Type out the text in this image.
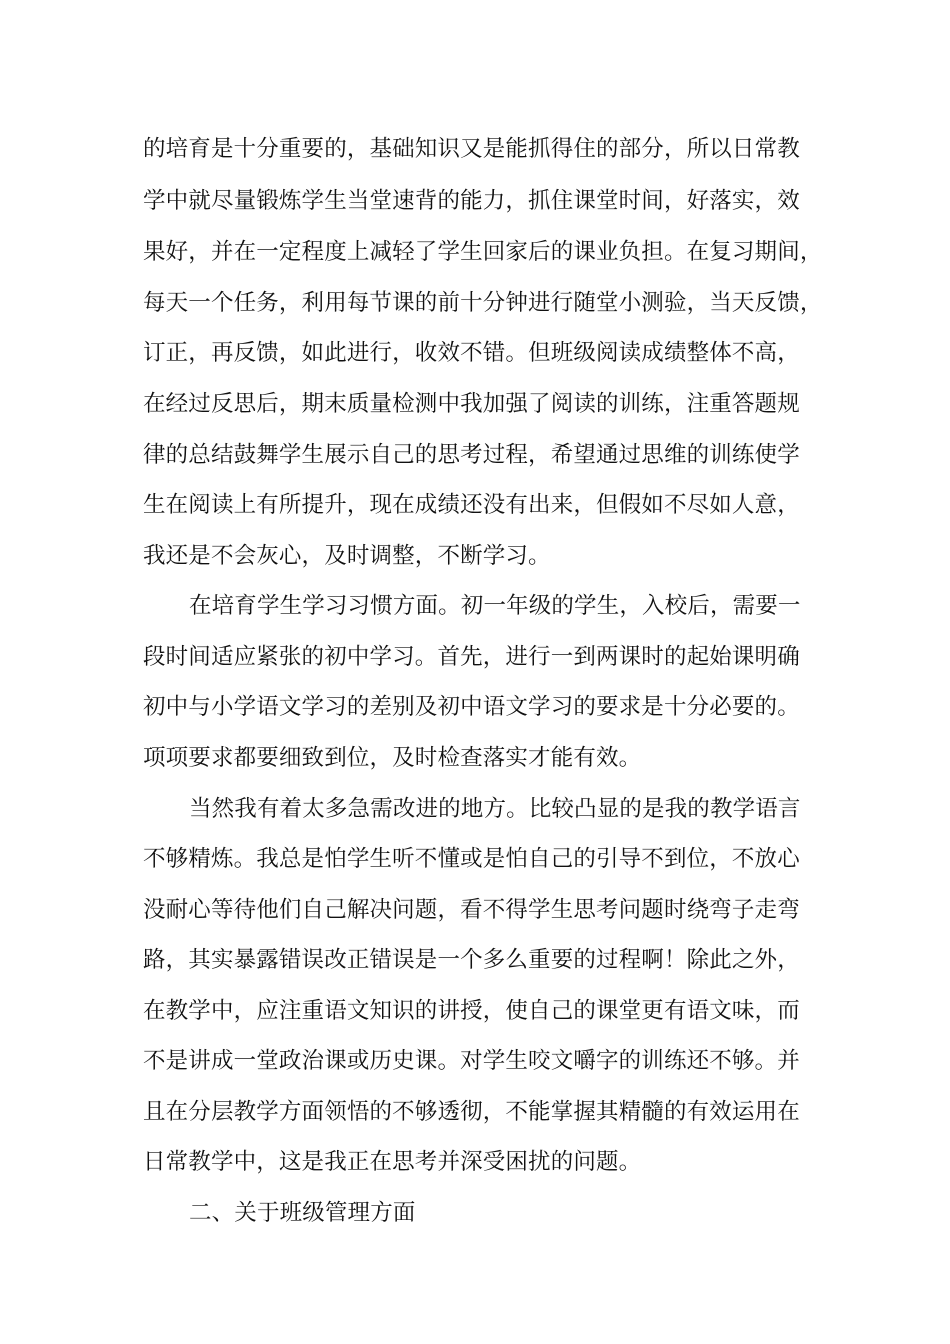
的培育是十分重要的，基础知识又是能抓得住的部分，所以日常教
学中就尽量锻炼学生当堂速背的能力，抓住课堂时间，好落实，效
果好，并在一定程度上减轻了学生回家后的课业负担。在复习期间，
每天一个任务，利用每节课的前十分钟进行随堂小测验，当天反馈，
订正，再反馈，如此进行，收效不错。但班级阅读成绩整体不高，
在经过反思后，期末质量检测中我加强了阅读的训练，注重答题规
律的总结鼓舞学生展示自己的思考过程，希望通过思维的训练使学
生在阅读上有所提升，现在成绩还没有出来，但假如不尽如人意，
我还是不会灰心，及时调整，不断学习。
在培育学生学习习惯方面。初一年级的学生，入校后，需要一
段时间适应紧张的初中学习。首先，进行一到两课时的起始课明确
初中与小学语文学习的差别及初中语文学习的要求是十分必要的。
项项要求都要细致到位，及时检查落实才能有效。
当然我有着太多急需改进的地方。比较凸显的是我的教学语言
不够精炼。我总是怕学生听不懂或是怕自己的引导不到位，不放心
没耐心等待他们自己解决问题，看不得学生思考问题时绕弯子走弯
路，其实暴露错误改正错误是一个多么重要的过程啊！除此之外，
在教学中，应注重语文知识的讲授，使自己的课堂更有语文味，而
不是讲成一堂政治课或历史课。对学生咬文嚼字的训练还不够。并
且在分层教学方面领悟的不够透彻，不能掌握其精髓的有效运用在
日常教学中，这是我正在思考并深受困扰的问题。
二、关于班级管理方面
